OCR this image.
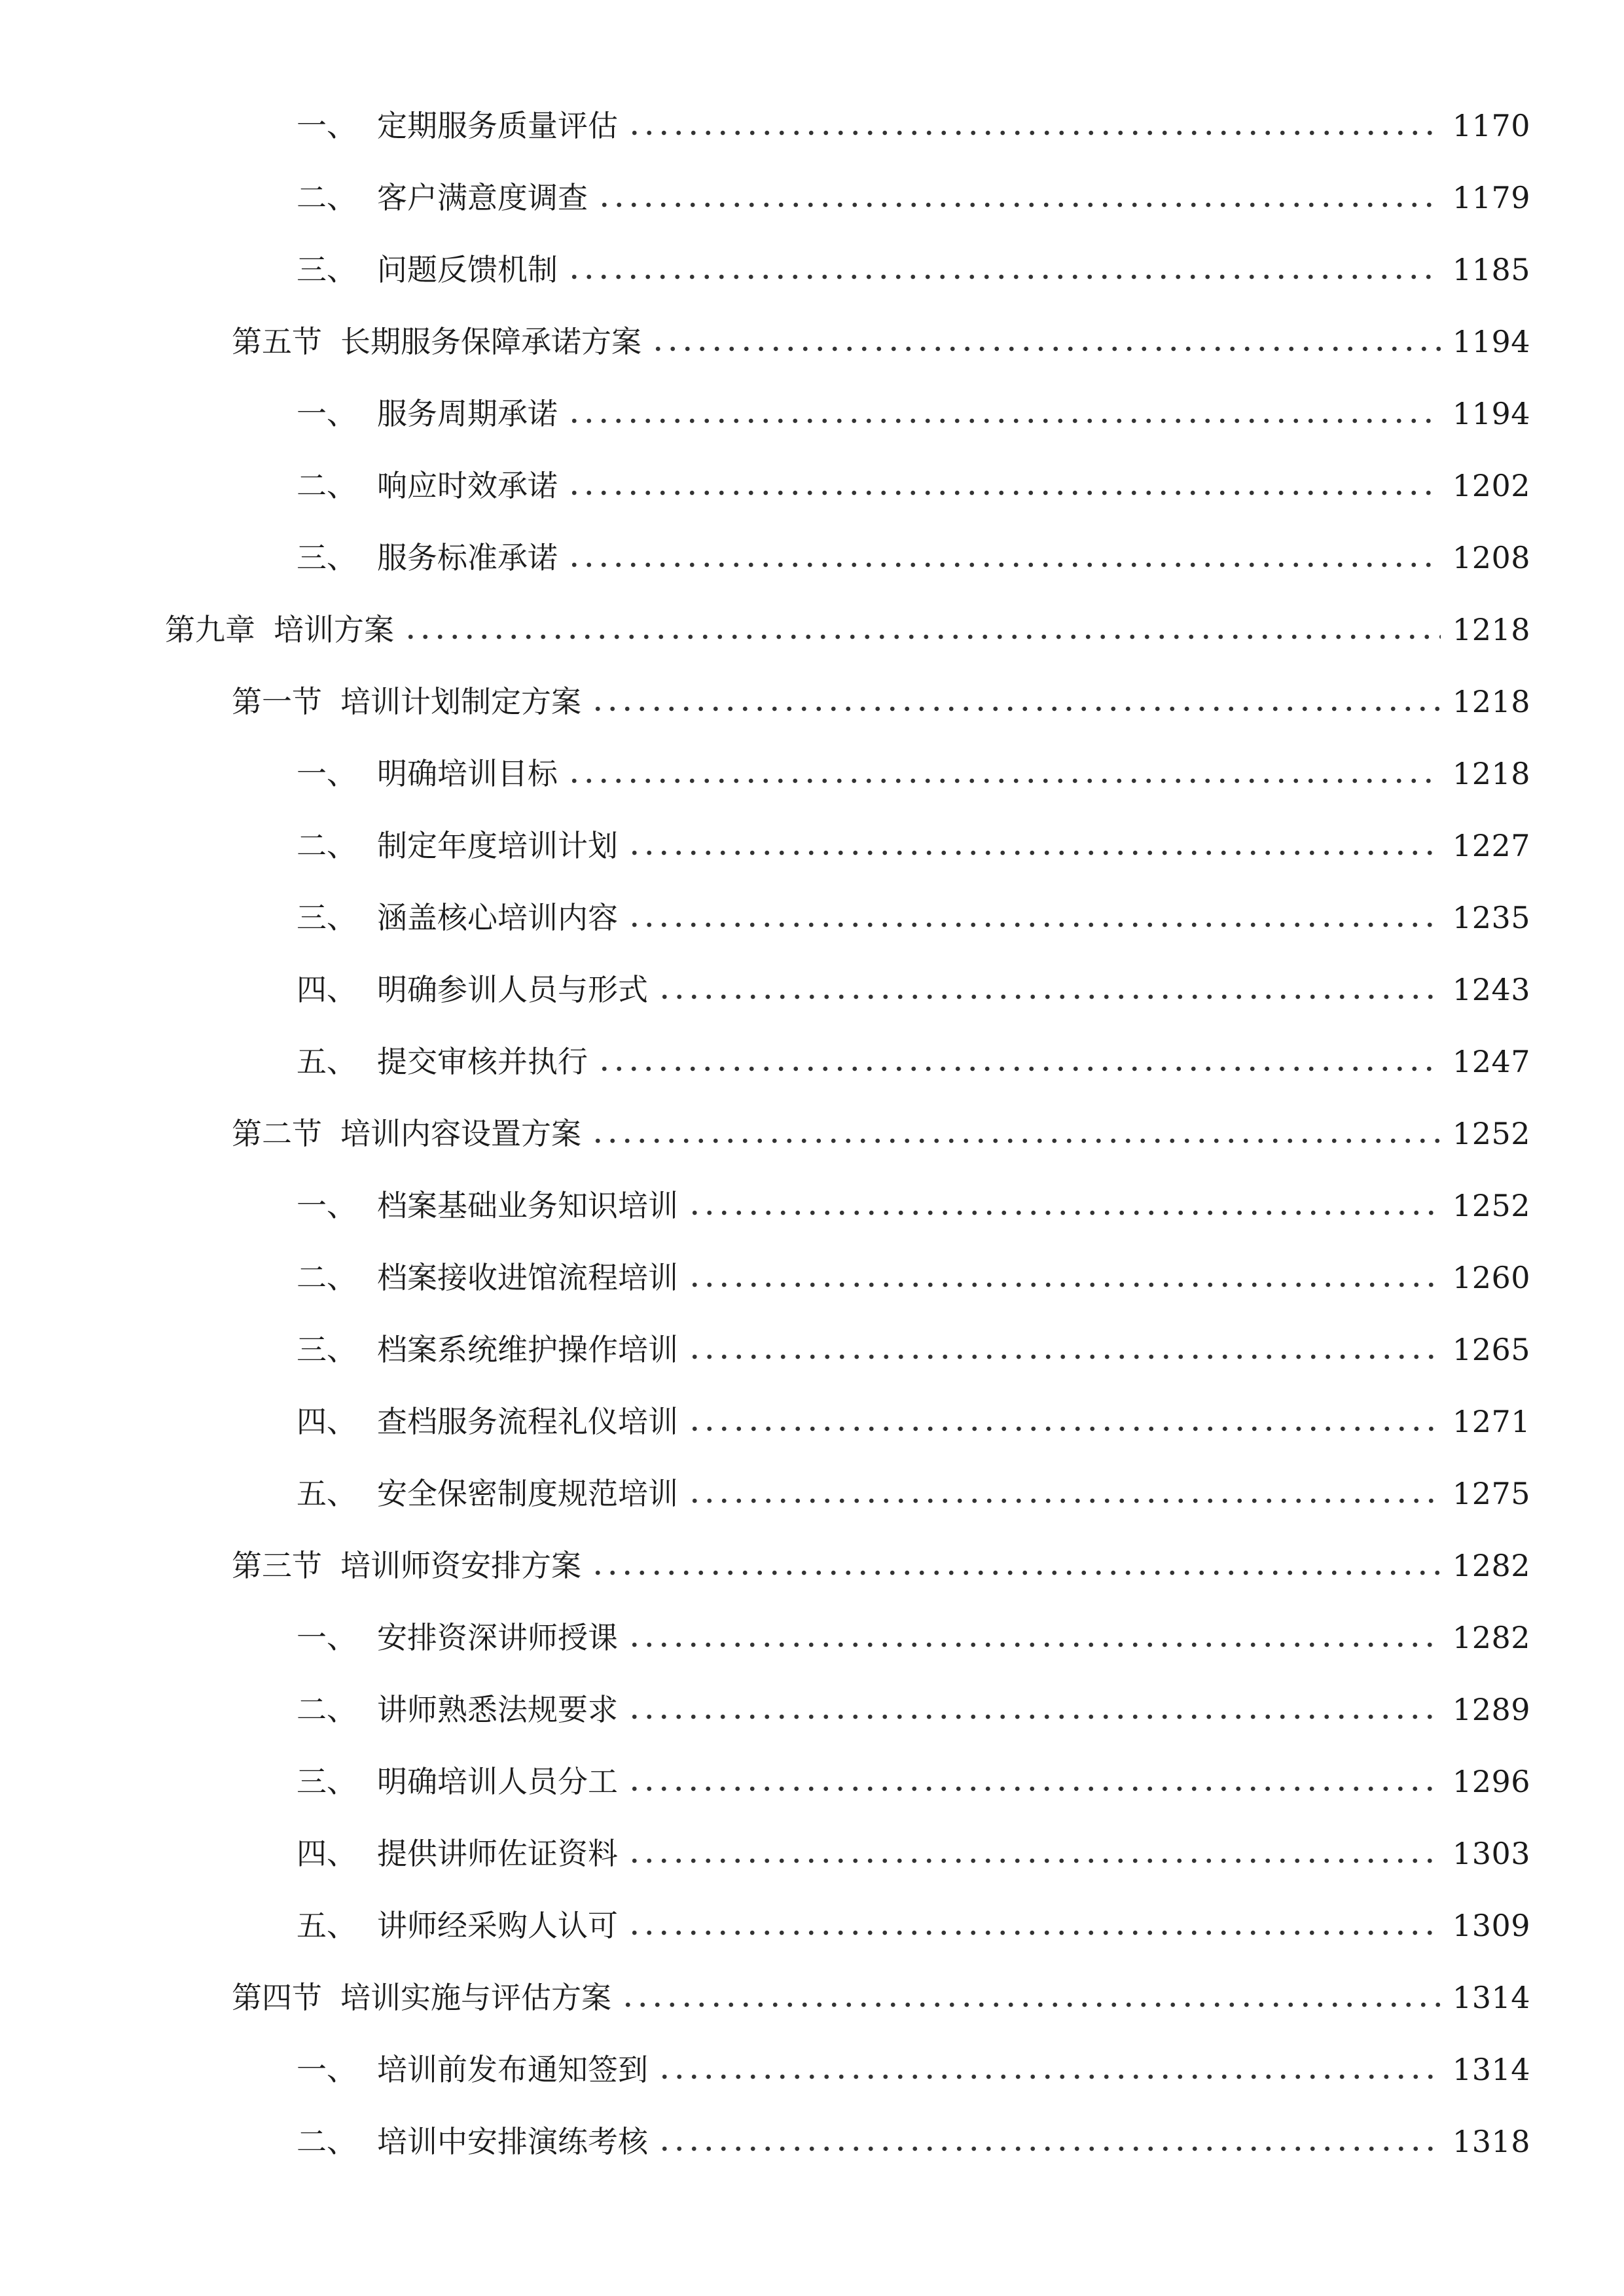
一、 定期服务质量评估	1170
二、 客户满意度调查	1179
三、 问题反馈机制	1185
第五节 长期服务保障承诺方案	1194
一、 服务周期承诺	1194
二、 响应时效承诺	1202
三、 服务标准承诺	1208
第九章 培训方案	1218
第一节 培训计划制定方案	1218
一、 明确培训目标	1218
二、 制定年度培训计划	1227
三、 涵盖核心培训内容	1235
四、 明确参训人员与形式	1243
五、 提交审核并执行	1247
第二节 培训内容设置方案	1252
一、 档案基础业务知识培训	1252
二、 档案接收进馆流程培训	1260
三、 档案系统维护操作培训	1265
四、 查档服务流程礼仪培训	1271
五、 安全保密制度规范培训	1275
第三节 培训师资安排方案	1282
一、 安排资深讲师授课	1282
二、 讲师熟悉法规要求	1289
三、 明确培训人员分工	1296
四、 提供讲师佐证资料	1303
五、 讲师经采购人认可	1309
第四节 培训实施与评估方案	1314
一、 培训前发布通知签到	1314
二、 培训中安排演练考核	1318
